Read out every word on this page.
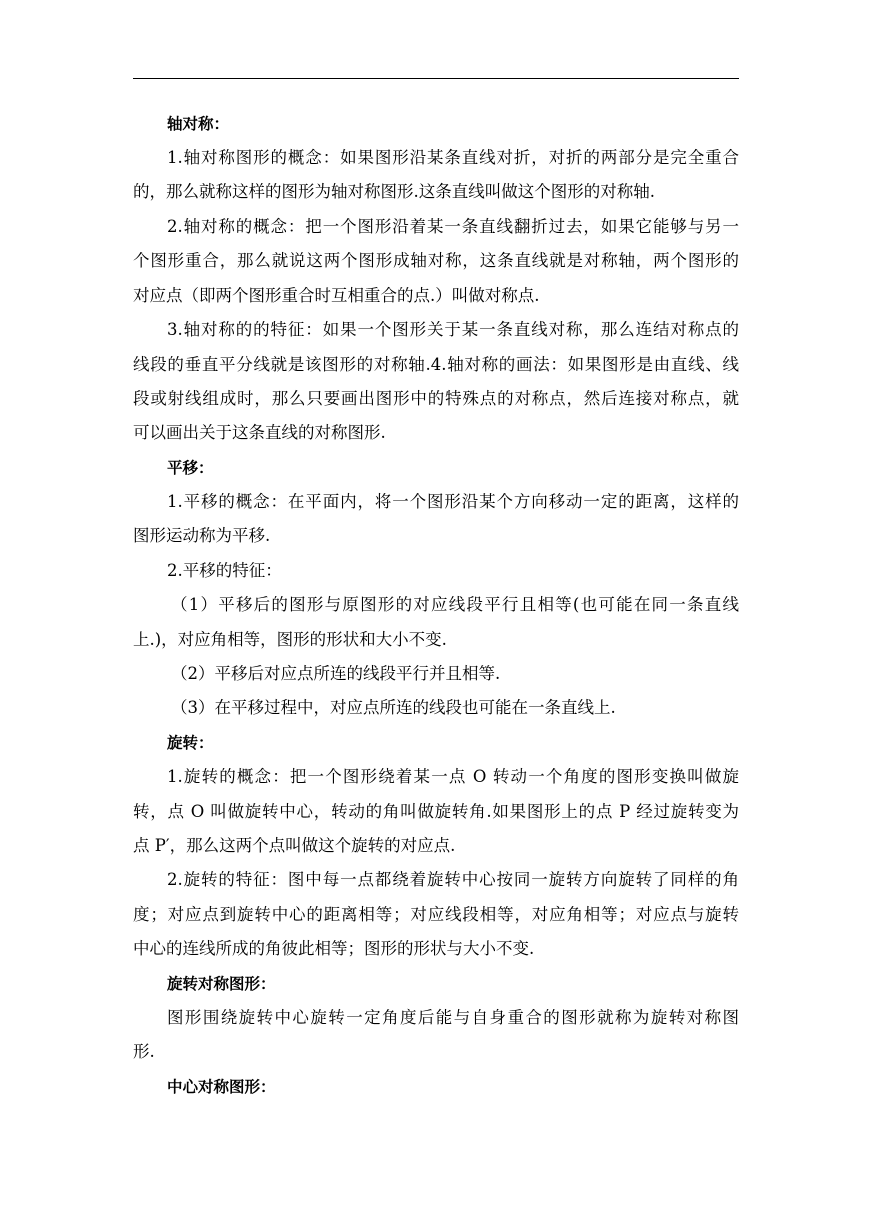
轴对称：
1.轴对称图形的概念：如果图形沿某条直线对折，对折的两部分是完全重合
的，那么就称这样的图形为轴对称图形.这条直线叫做这个图形的对称轴.
2.轴对称的概念：把一个图形沿着某一条直线翻折过去，如果它能够与另一
个图形重合，那么就说这两个图形成轴对称，这条直线就是对称轴，两个图形的
对应点（即两个图形重合时互相重合的点.）叫做对称点.
3.轴对称的的特征：如果一个图形关于某一条直线对称，那么连结对称点的
线段的垂直平分线就是该图形的对称轴.4.轴对称的画法：如果图形是由直线、线
段或射线组成时，那么只要画出图形中的特殊点的对称点，然后连接对称点，就
可以画出关于这条直线的对称图形.
平移：
1.平移的概念：在平面内，将一个图形沿某个方向移动一定的距离，这样的
图形运动称为平移.
2.平移的特征：
（1）平移后的图形与原图形的对应线段平行且相等(也可能在同一条直线
上.)，对应角相等，图形的形状和大小不变.
（2）平移后对应点所连的线段平行并且相等.
（3）在平移过程中，对应点所连的线段也可能在一条直线上.
旋转：
1.旋转的概念：把一个图形绕着某一点 O 转动一个角度的图形变换叫做旋
转，点 O 叫做旋转中心，转动的角叫做旋转角.如果图形上的点 P 经过旋转变为
点 P′，那么这两个点叫做这个旋转的对应点.
2.旋转的特征：图中每一点都绕着旋转中心按同一旋转方向旋转了同样的角
度；对应点到旋转中心的距离相等；对应线段相等，对应角相等；对应点与旋转
中心的连线所成的角彼此相等；图形的形状与大小不变.
旋转对称图形：
图形围绕旋转中心旋转一定角度后能与自身重合的图形就称为旋转对称图
形.
中心对称图形：
